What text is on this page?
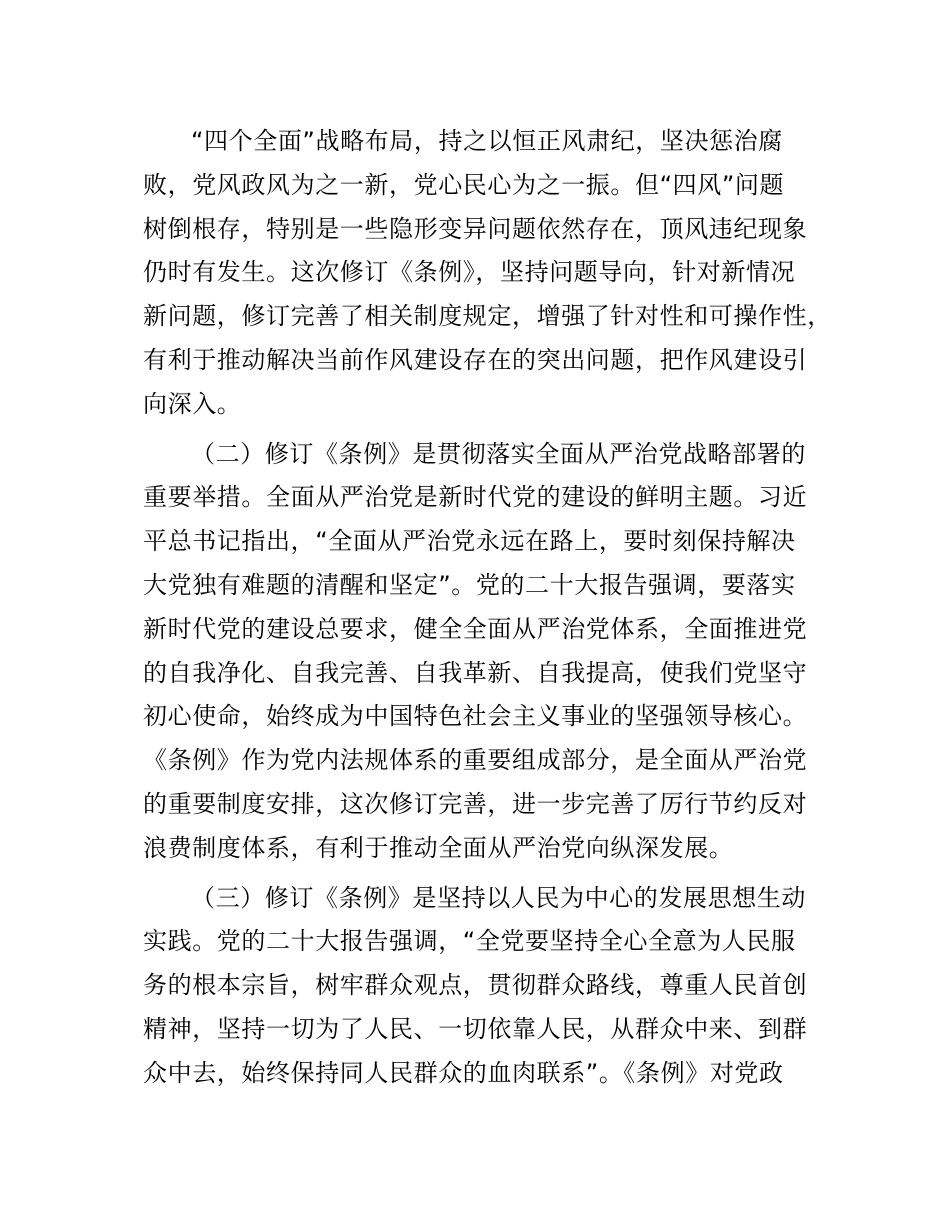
“四个全面”战略布局，持之以恒正风肃纪，坚决惩治腐
败，党风政风为之一新，党心民心为之一振。但“四风”问题
树倒根存，特别是一些隐形变异问题依然存在，顶风违纪现象
仍时有发生。这次修订《条例》，坚持问题导向，针对新情况
新问题，修订完善了相关制度规定，增强了针对性和可操作性，
有利于推动解决当前作风建设存在的突出问题，把作风建设引
向深入。
（二）修订《条例》是贯彻落实全面从严治党战略部署的
重要举措。全面从严治党是新时代党的建设的鲜明主题。习近
平总书记指出，“全面从严治党永远在路上，要时刻保持解决
大党独有难题的清醒和坚定”。党的二十大报告强调，要落实
新时代党的建设总要求，健全全面从严治党体系，全面推进党
的自我净化、自我完善、自我革新、自我提高，使我们党坚守
初心使命，始终成为中国特色社会主义事业的坚强领导核心。
《条例》作为党内法规体系的重要组成部分，是全面从严治党
的重要制度安排，这次修订完善，进一步完善了厉行节约反对
浪费制度体系，有利于推动全面从严治党向纵深发展。
（三）修订《条例》是坚持以人民为中心的发展思想生动
实践。党的二十大报告强调，“全党要坚持全心全意为人民服
务的根本宗旨，树牢群众观点，贯彻群众路线，尊重人民首创
精神，坚持一切为了人民、一切依靠人民，从群众中来、到群
众中去，始终保持同人民群众的血肉联系”。《条例》对党政
